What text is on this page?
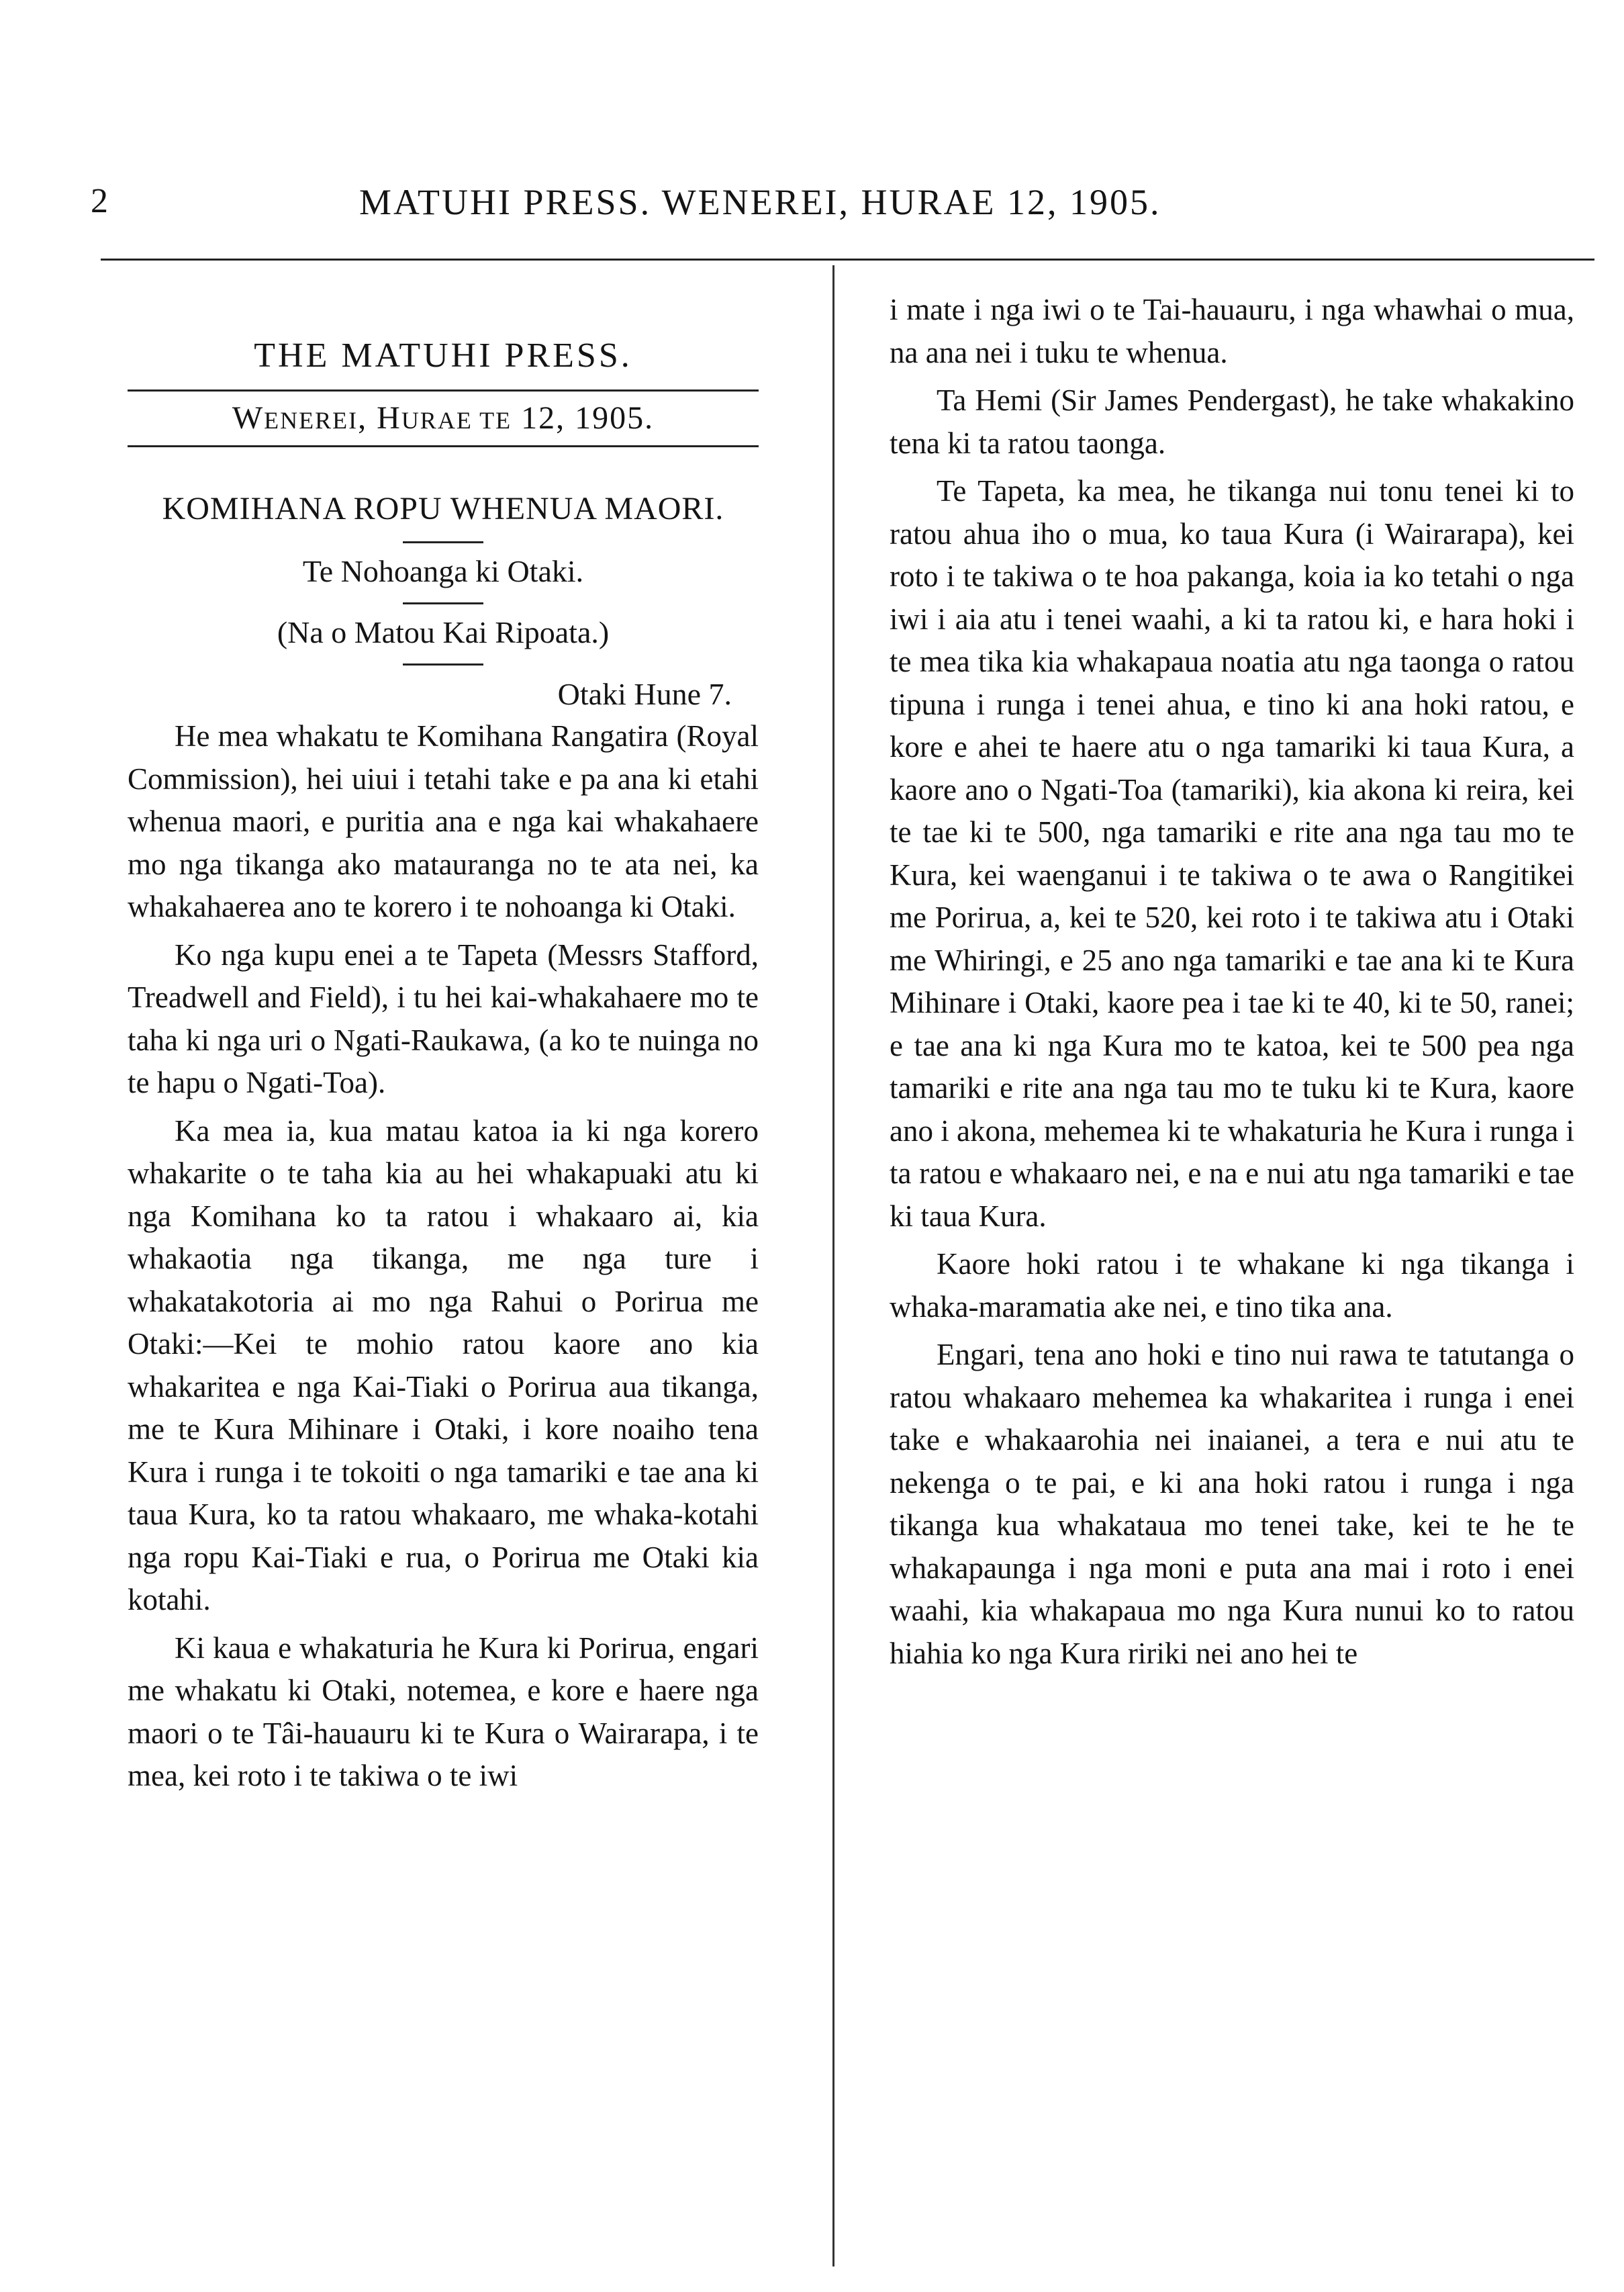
2	MATUHI PRESS. WENEREI, HURAE 12, 1905.
THE MATUHI PRESS.
WENEREI, HURAE TE 12, 1905.
KOMIHANA ROPU WHENUA MAORI.
Te Nohoanga ki Otaki.
(Na o Matou Kai Ripoata.)
Otaki Hune 7.

He mea whakatu te Komihana Rangatira (Royal Commission), hei uiui i tetahi take e pa ana ki etahi whenua maori, e puritia ana e nga kai whakahaere mo nga tikanga ako matauranga no te ata nei, ka whakahaerea ano te korero i te nohoanga ki Otaki.

Ko nga kupu enei a te Tapeta (Messrs Stafford, Treadwell and Field), i tu hei kai-whakahaere mo te taha ki nga uri o Ngati-Raukawa, (a ko te nuinga no te hapu o Ngati-Toa).

Ka mea ia, kua matau katoa ia ki nga korero whakarite o te taha kia au hei whakapuaki atu ki nga Komihana ko ta ratou i whakaaro ai, kia whakaotia nga tikanga, me nga ture i whakatakotoria ai mo nga Rahui o Porirua me Otaki:—Kei te mohio ratou kaore ano kia whakaritea e nga Kai-Tiaki o Porirua aua tikanga, me te Kura Mihinare i Otaki, i kore noaiho tena Kura i runga i te tokoiti o nga tamariki e tae ana ki taua Kura, ko ta ratou whakaaro, me whaka-kotahi nga ropu Kai-Tiaki e rua, o Porirua me Otaki kia kotahi.

Ki kaua e whakaturia he Kura ki Porirua, engari me whakatu ki Otaki, notemea, e kore e haere nga maori o te Tâi-hauauru ki te Kura o Wairarapa, i te mea, kei roto i te takiwa o te iwi

i mate i nga iwi o te Tai-hauauru, i nga whawhai o mua, na ana nei i tuku te whenua.

Ta Hemi (Sir James Pendergast), he take whakakino tena ki ta ratou taonga.

Te Tapeta, ka mea, he tikanga nui tonu tenei ki to ratou ahua iho o mua, ko taua Kura (i Wairarapa), kei roto i te takiwa o te hoa pakanga, koia ia ko tetahi o nga iwi i aia atu i tenei waahi, a ki ta ratou ki, e hara hoki i te mea tika kia whakapaua noatia atu nga taonga o ratou tipuna i runga i tenei ahua, e tino ki ana hoki ratou, e kore e ahei te haere atu o nga tamariki ki taua Kura, a kaore ano o Ngati-Toa (tamariki), kia akona ki reira, kei te tae ki te 500, nga tamariki e rite ana nga tau mo te Kura, kei waenganui i te takiwa o te awa o Rangitikei me Porirua, a, kei te 520, kei roto i te takiwa atu i Otaki me Whiringi, e 25 ano nga tamariki e tae ana ki te Kura Mihinare i Otaki, kaore pea i tae ki te 40, ki te 50, ranei; e tae ana ki nga Kura mo te katoa, kei te 500 pea nga tamariki e rite ana nga tau mo te tuku ki te Kura, kaore ano i akona, mehemea ki te whakaturia he Kura i runga i ta ratou e whakaaro nei, e na e nui atu nga tamariki e tae ki taua Kura.

Kaore hoki ratou i te whakane ki nga tikanga i whaka-maramatia ake nei, e tino tika ana.

Engari, tena ano hoki e tino nui rawa te tatutanga o ratou whakaaro mehemea ka whakaritea i runga i enei take e whakaarohia nei inaianei, a tera e nui atu te nekenga o te pai, e ki ana hoki ratou i runga i nga tikanga kua whakataua mo tenei take, kei te he te whakapaunga i nga moni e puta ana mai i roto i enei waahi, kia whakapaua mo nga Kura nunui ko to ratou hiahia ko nga Kura ririki nei ano hei te
